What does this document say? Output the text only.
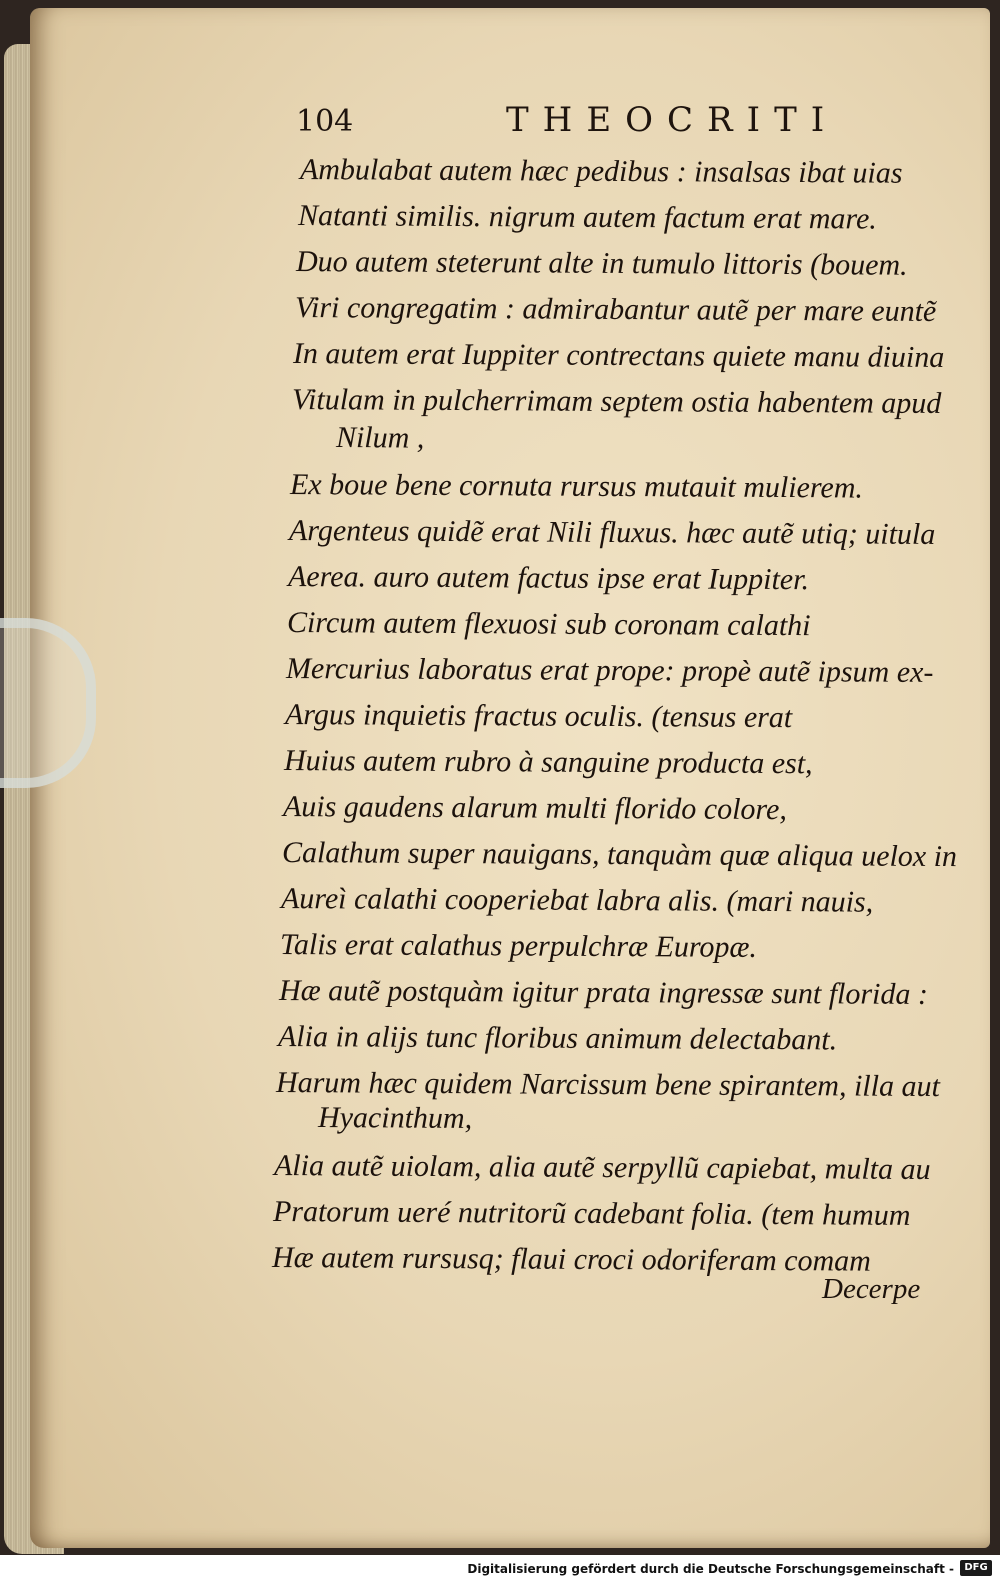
104	THEOCRITI
Ambulabat autem hæc pedibus : insalsas ibat uias
Natanti similis. nigrum autem factum erat mare.
Duo autem steterunt alte in tumulo littoris (bouem.
Viri congregatim : admirabantur autẽ per mare euntẽ
In autem erat Iuppiter contrectans quiete manu diuina
Vitulam in pulcherrimam septem ostia habentem apud
Nilum ,
Ex boue bene cornuta rursus mutauit mulierem.
Argenteus quidẽ erat Nili fluxus. hæc autẽ utiq; uitula
Aerea. auro autem factus ipse erat Iuppiter.
Circum autem flexuosi sub coronam calathi
Mercurius laboratus erat prope: propè autẽ ipsum ex-
Argus inquietis fractus oculis. (tensus erat
Huius autem rubro à sanguine producta est,
Auis gaudens alarum multi florido colore,
Calathum super nauigans, tanquàm quæ aliqua uelox in
Aureì calathi cooperiebat labra alis. (mari nauis,
Talis erat calathus perpulchræ Europæ.
Hæ autẽ postquàm igitur prata ingressæ sunt florida :
Alia in alijs tunc floribus animum delectabant.
Harum hæc quidem Narcissum bene spirantem, illa aut
Hyacinthum,
Alia autẽ uiolam, alia autẽ serpyllũ capiebat, multa au
Pratorum ueré nutritorũ cadebant folia. (tem humum
Hæ autem rursusq; flaui croci odoriferam comam
Decerpe
Digitalisierung gefördert durch die Deutsche Forschungsgemeinschaft -	DFG
